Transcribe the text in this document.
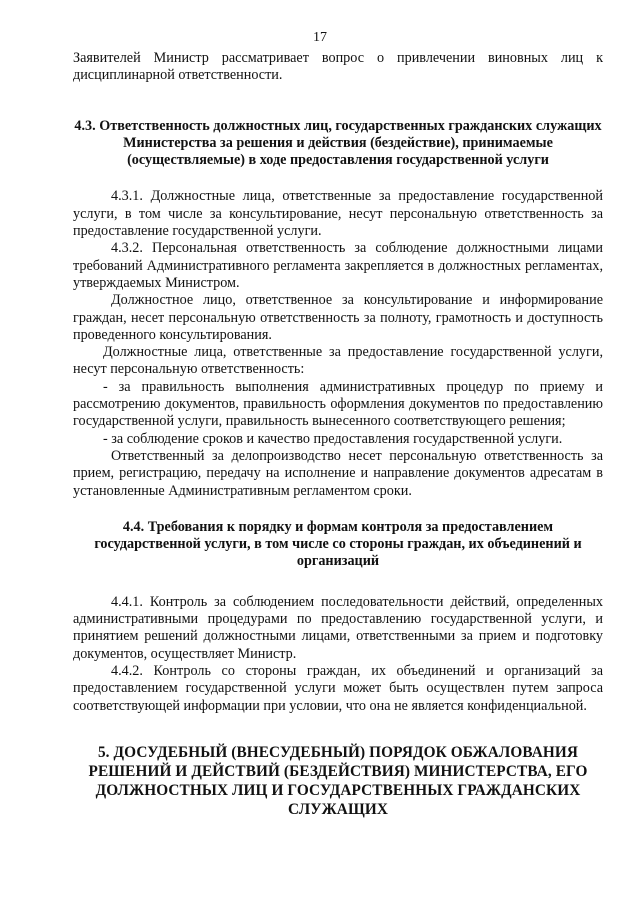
17

Заявителей Министр рассматривает вопрос о привлечении виновных лиц к дисциплинарной ответственности.

4.3. Ответственность должностных лиц, государственных гражданских служащих Министерства за решения и действия (бездействие), принимаемые (осуществляемые) в ходе предоставления государственной услуги

4.3.1. Должностные лица, ответственные за предоставление государственной услуги, в том числе за консультирование, несут персональную ответственность за предоставление государственной услуги.

4.3.2. Персональная ответственность за соблюдение должностными лицами требований Административного регламента закрепляется в должностных регламентах, утверждаемых Министром.

Должностное лицо, ответственное за консультирование и информирование граждан, несет персональную ответственность за полноту, грамотность и доступность проведенного консультирования.

Должностные лица, ответственные за предоставление государственной услуги, несут персональную ответственность:

- за правильность выполнения административных процедур по приему и рассмотрению документов, правильность оформления документов по предоставлению государственной услуги, правильность вынесенного соответствующего решения;

- за соблюдение сроков и качество предоставления государственной услуги.

Ответственный за делопроизводство несет персональную ответственность за прием, регистрацию, передачу на исполнение и направление документов адресатам в установленные Административным регламентом сроки.

4.4. Требования к порядку и формам контроля за предоставлением государственной услуги, в том числе со стороны граждан, их объединений и организаций

4.4.1. Контроль за соблюдением последовательности действий, определенных административными процедурами по предоставлению государственной услуги, и принятием решений должностными лицами, ответственными за прием и подготовку документов, осуществляет Министр.

4.4.2. Контроль со стороны граждан, их объединений и организаций за предоставлением государственной услуги может быть осуществлен путем запроса соответствующей информации при условии, что она не является конфиденциальной.

5. ДОСУДЕБНЫЙ (ВНЕСУДЕБНЫЙ) ПОРЯДОК ОБЖАЛОВАНИЯ РЕШЕНИЙ И ДЕЙСТВИЙ (БЕЗДЕЙСТВИЯ) МИНИСТЕРСТВА, ЕГО ДОЛЖНОСТНЫХ ЛИЦ И ГОСУДАРСТВЕННЫХ ГРАЖДАНСКИХ СЛУЖАЩИХ
